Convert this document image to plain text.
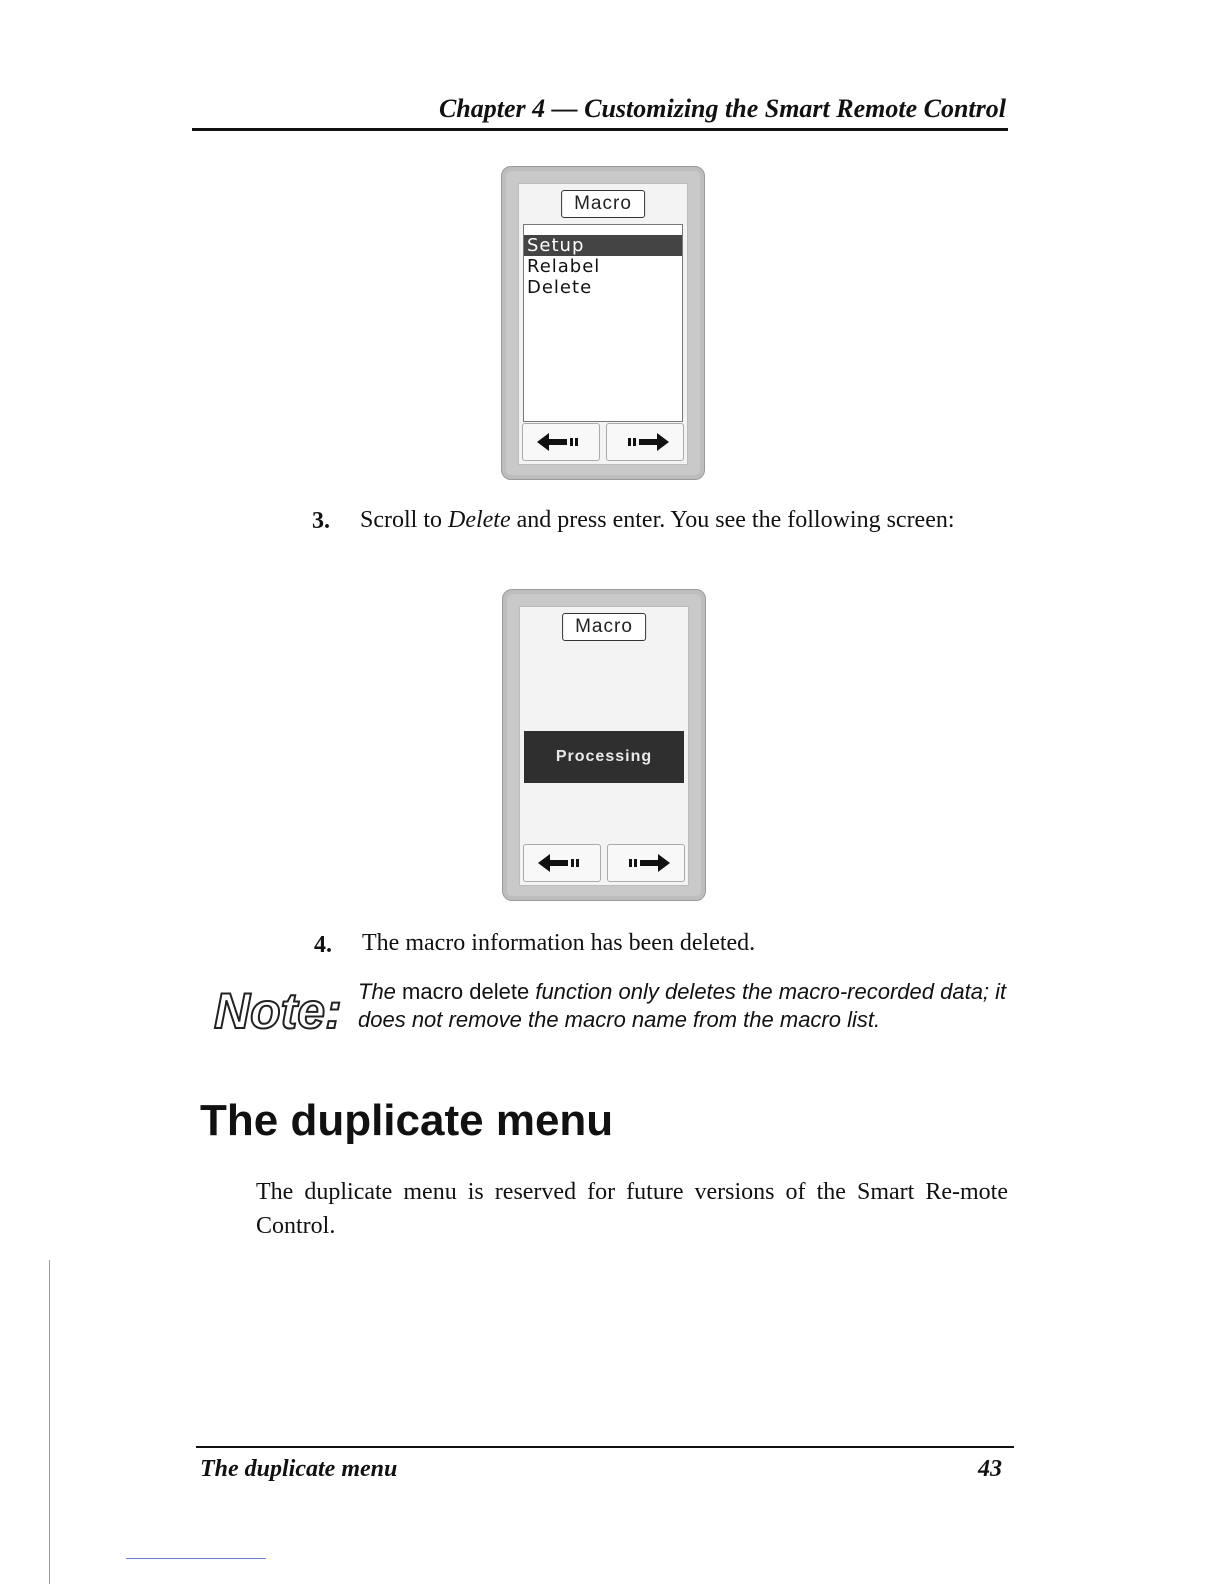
Chapter 4 — Customizing the Smart Remote Control
Macro
Setup
Relabel
Delete
3. Scroll to Delete and press enter. You see the following screen:
Macro
Processing
4. The macro information has been deleted.
Note: The macro delete function only deletes the macro-recorded data; it does not remove the macro name from the macro list.
The duplicate menu
The duplicate menu is reserved for future versions of the Smart Re-mote Control.
The duplicate menu	43
